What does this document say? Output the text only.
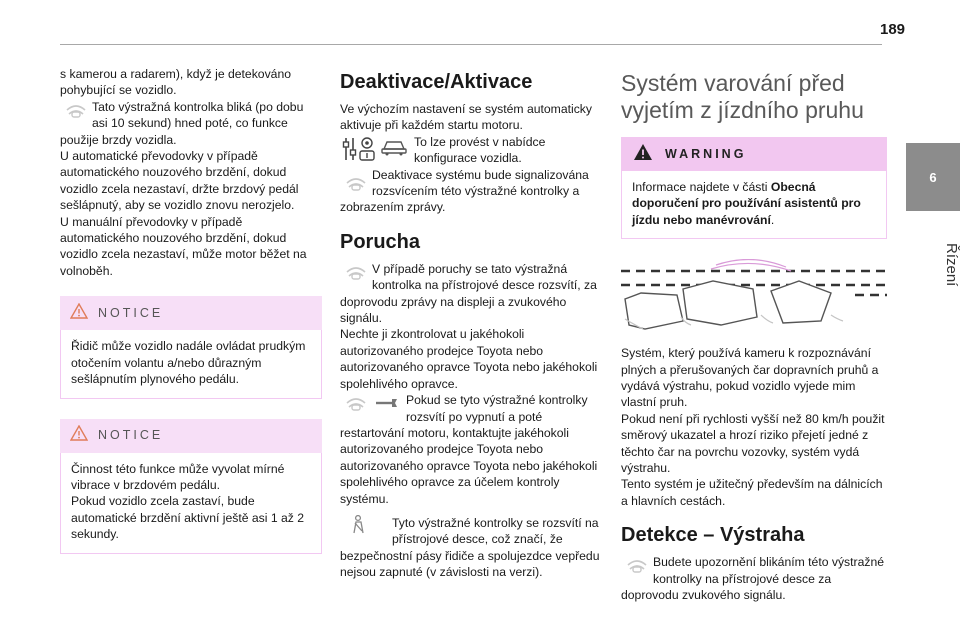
189
6
Řízení

s kamerou a radarem), když je detekováno pohybující se vozidlo.

Tato výstražná kontrolka bliká (po dobu asi 10 sekund) hned poté, co funkce použije brzdy vozidla.

U automatické převodovky v případě automatického nouzového brzdění, dokud vozidlo zcela nezastaví, držte brzdový pedál sešlápnutý, aby se vozidlo znovu nerozjelo.

U manuální převodovky v případě automatického nouzového brzdění, dokud vozidlo zcela nezastaví, může motor běžet na volnoběh.

NOTICE

Řidič může vozidlo nadále ovládat prudkým otočením volantu a/nebo důrazným sešlápnutím plynového pedálu.

NOTICE

Činnost této funkce může vyvolat mírné vibrace v brzdovém pedálu.

Pokud vozidlo zcela zastaví, bude automatické brzdění aktivní ještě asi 1 až 2 sekundy.

Deaktivace/Aktivace

Ve výchozím nastavení se systém automaticky aktivuje při každém startu motoru.

To lze provést v nabídce konfigurace vozidla.

Deaktivace systému bude signalizována rozsvícením této výstražné kontrolky a zobrazením zprávy.

Porucha

V případě poruchy se tato výstražná kontrolka na přístrojové desce rozsvítí, za doprovodu zprávy na displeji a zvukového signálu.

Nechte ji zkontrolovat u jakéhokoli autorizovaného prodejce Toyota nebo autorizovaného opravce Toyota nebo jakéhokoli spolehlivého opravce.

Pokud se tyto výstražné kontrolky rozsvítí po vypnutí a poté restartování motoru, kontaktujte jakéhokoli autorizovaného prodejce Toyota nebo autorizovaného opravce Toyota nebo jakéhokoli spolehlivého opravce za účelem kontroly systému.

Tyto výstražné kontrolky se rozsvítí na přístrojové desce, což značí, že bezpečnostní pásy řidiče a spolujezdce vepředu nejsou zapnuté (v závislosti na verzi).

Systém varování před vyjetím z jízdního pruhu
WARNING

Informace najdete v části Obecná doporučení pro používání asistentů pro jízdu nebo manévrování.

Systém, který používá kameru k rozpoznávání plných a přerušovaných čar dopravních pruhů a vydává výstrahu, pokud vozidlo vyjede mim vlastní pruh.

Pokud není při rychlosti vyšší než 80 km/h použit směrový ukazatel a hrozí riziko přejetí jedné z těchto čar na povrchu vozovky, systém vydá výstrahu.

Tento systém je užitečný především na dálnicích a hlavních cestách.

Detekce – Výstraha

Budete upozornění blikáním této výstražné kontrolky na přístrojové desce za doprovodu zvukového signálu.
